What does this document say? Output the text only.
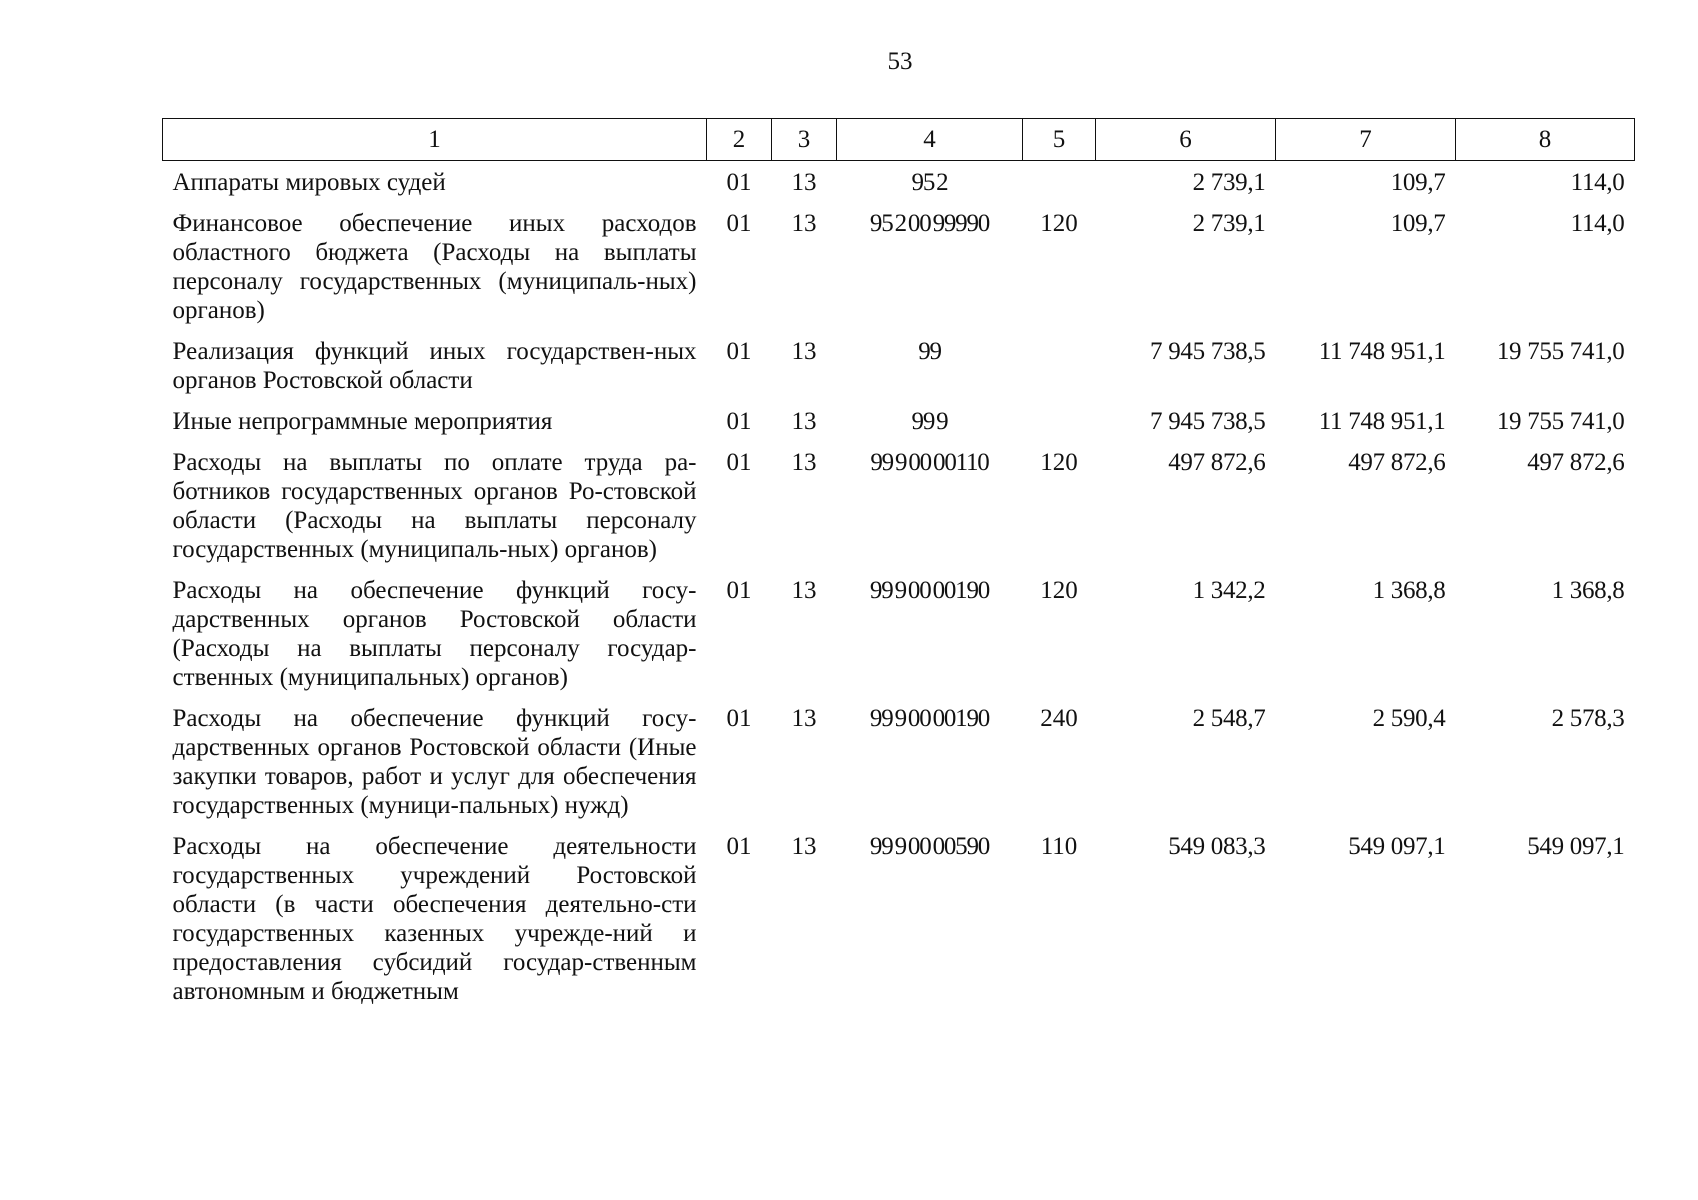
53
1	2	3	4	5	6	7	8
Аппараты мировых судей	01	13	95 2		2 739,1	109,7	114,0
Финансовое обеспечение иных расходов областного бюджета (Расходы на выплаты персоналу государственных (муниципаль-ных) органов)	01	13	95 2 00 99990	120	2 739,1	109,7	114,0
Реализация функций иных государствен-ных органов Ростовской области	01	13	99		7 945 738,5	11 748 951,1	19 755 741,0
Иные непрограммные мероприятия	01	13	99 9		7 945 738,5	11 748 951,1	19 755 741,0
Расходы на выплаты по оплате труда ра-ботников государственных органов Ро-стовской области (Расходы на выплаты персоналу государственных (муниципаль-ных) органов)	01	13	99 9 00 00110	120	497 872,6	497 872,6	497 872,6
Расходы на обеспечение функций госу-дарственных органов Ростовской области (Расходы на выплаты персоналу государ-ственных (муниципальных) органов)	01	13	99 9 00 00190	120	1 342,2	1 368,8	1 368,8
Расходы на обеспечение функций госу-дарственных органов Ростовской области (Иные закупки товаров, работ и услуг для обеспечения государственных (муници-пальных) нужд)	01	13	99 9 00 00190	240	2 548,7	2 590,4	2 578,3
Расходы на обеспечение деятельности государственных учреждений Ростовской области (в части обеспечения деятельно-сти государственных казенных учрежде-ний и предоставления субсидий государ-ственным автономным и бюджетным	01	13	99 9 00 00590	110	549 083,3	549 097,1	549 097,1
